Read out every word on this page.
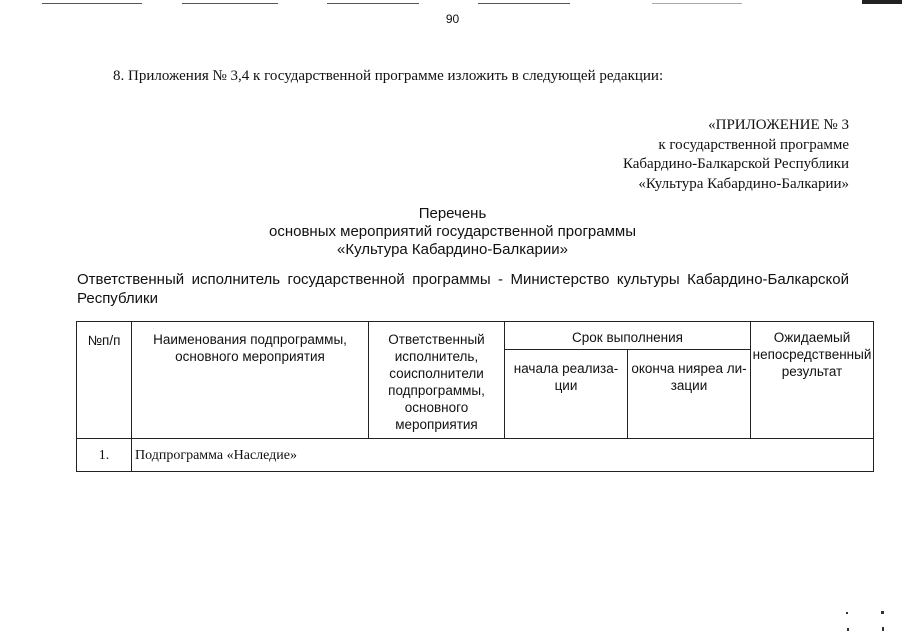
90
8. Приложения № 3,4 к государственной программе изложить в следующей редакции:
«ПРИЛОЖЕНИЕ № 3
к государственной программе
Кабардино-Балкарской Республики
«Культура Кабардино-Балкарии»
Перечень
основных мероприятий государственной программы
«Культура Кабардино-Балкарии»
Ответственный исполнитель государственной программы - Министерство культуры Кабардино-Балкарской Республики
№п/п	Наименования подпрограммы, основного мероприятия	Ответственный исполнитель, соисполнители подпрограммы, основного мероприятия	Срок выполнения		Ожидаемый непосредственный результат
			начала реализа-ции	оконча нияреа ли-зации	
1.	Подпрограмма «Наследие»				
